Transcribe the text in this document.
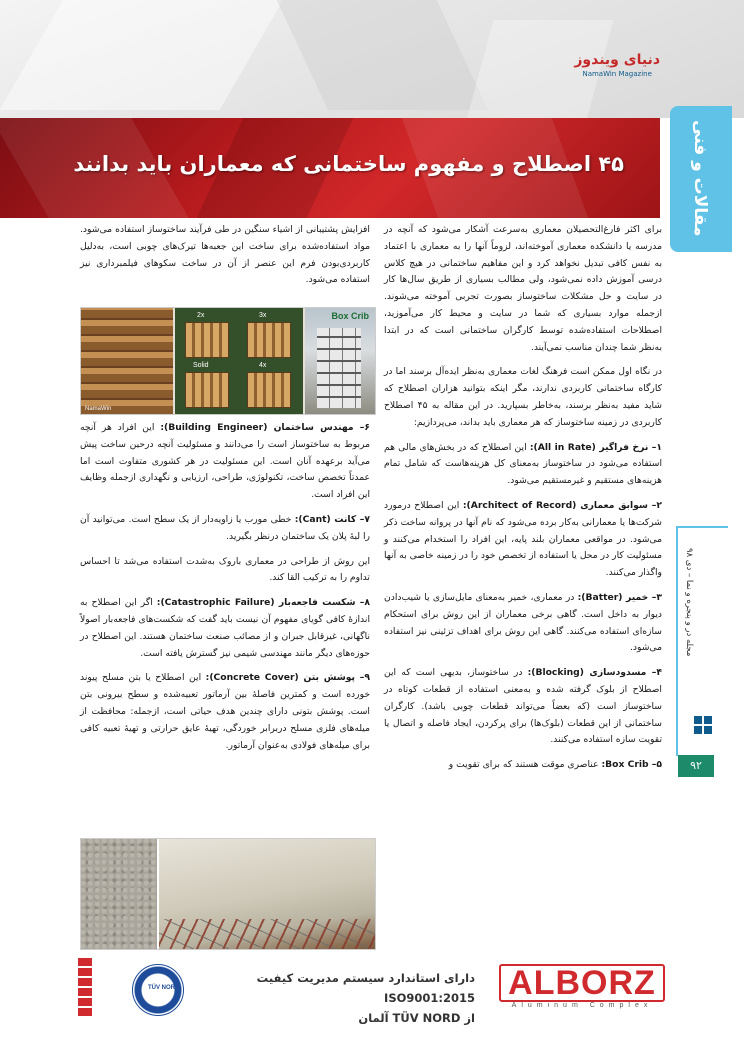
دنیای ویندوز
NamaWin Magazine
۴۵ اصطلاح و مفهوم ساختمانی که معماران باید بدانند	مقالات و فنی
مجله در و پنجره و نما – دی ۹۸
۹۲

برای اکثر فارغ‌التحصیلان معماری به‌سرعت آشکار می‌شود که آنچه در مدرسه یا دانشکده معماری آموخته‌اند، لزوماً آنها را به معماری با اعتماد به نفس کافی تبدیل نخواهد کرد و این مفاهیم ساختمانی در هیچ کلاس درسی آموزش داده نمی‌شود، ولی مطالب بسیاری از طریق سال‌ها کار در سایت و حل مشکلات ساختوساز بصورت تجربی آموخته می‌شوند. ازجمله موارد بسیاری که شما در سایت و محیط کار می‌آموزید، اصطلاحات استفاده‌شده توسط کارگران ساختمانی است که در ابتدا به‌نظر شما چندان مناسب نمی‌آیند.

در نگاه اول ممکن است فرهنگ لغات معماری به‌نظر ایده‌آل برسند اما در کارگاه ساختمانی کاربردی ندارند، مگر اینکه بتوانید هزاران اصطلاح که شاید مفید به‌نظر برسند، به‌خاطر بسپارید. در این مقاله به ۴۵ اصطلاح کاربردی در زمینه ساختوساز که هر معماری باید بداند، می‌پردازیم:

۱– نرخ فراگیر (All in Rate): این اصطلاح که در بخش‌های مالی هم استفاده می‌شود در ساختوساز به‌معنای کل هزینه‌هاست که شامل تمام هزینه‌های مستقیم و غیرمستقیم می‌شود.

۲– سوابق معماری (Architect of Record): این اصطلاح درمورد شرکت‌ها یا معمارانی به‌کار برده می‌شود که نام آنها در پروانه ساخت ذکر می‌شود. در مواقعی معماران بلند پایه، این افراد را استخدام می‌کنند و مسئولیت کار در محل یا استفاده از تخصص خود را در زمینه خاصی به آنها واگذار می‌کنند.

۳– خمیر (Batter): در معماری، خمیر به‌معنای مایل‌سازی یا شیب‌دادن دیوار به داخل است. گاهی برخی معماران از این روش برای استحکام سازه‌ای استفاده می‌کنند. گاهی این روش برای اهداف تزئینی نیز استفاده می‌شود.

۴– مسدودسازی (Blocking): در ساختوساز، بدیهی است که این اصطلاح از بلوک گرفته شده و به‌معنی استفاده از قطعات کوتاه در ساختوساز است (که بعضاً می‌تواند قطعات چوبی باشد). کارگران ساختمانی از این قطعات (بلوک‌ها) برای پرکردن، ایجاد فاصله و اتصال یا تقویت سازه استفاده می‌کنند.

۵– Box Crib: عناصری موقت هستند که برای تقویت و

افزایش پشتیبانی از اشیاء سنگین در طی فرآیند ساختوساز استفاده می‌شود. مواد استفاده‌شده برای ساخت این جعبه‌ها تیرک‌های چوبی است، به‌دلیل کاربردی‌بودن فرم این عنصر از آن در ساخت سکوهای فیلمبرداری نیز استفاده می‌شود.

2x	3x
Solid	4x
Box Crib
NamaWin

۶– مهندس ساختمان (Building Engineer): این افراد هر آنچه مربوط به ساختوساز است را می‌دانند و مسئولیت آنچه درحین ساخت پیش می‌آید برعهده آنان است. این مسئولیت در هر کشوری متفاوت است اما عمدتاً تخصص ساخت، تکنولوژی، طراحی، ارزیابی و نگهداری ازجمله وظایف این افراد است.

۷– کانت (Cant): خطی مورب یا زاویه‌دار از یک سطح است. می‌توانید آن را لبهٔ پلان یک ساختمان درنظر بگیرید.

این روش از طراحی در معماری باروک به‌شدت استفاده می‌شد تا احساس تداوم را به ترکیب القا کند.

۸– شکست فاجعه‌بار (Catastrophic Failure): اگر این اصطلاح به اندازهٔ کافی گویای مفهوم آن نیست باید گفت که شکست‌های فاجعه‌بار اصولاً ناگهانی، غیرقابل جبران و از مصائب صنعت ساختمان هستند. این اصطلاح در حوزه‌های دیگر مانند مهندسی شیمی نیز گسترش یافته است.

۹– پوشش بتن (Concrete Cover): این اصطلاح یا بتن مسلح پیوند خورده است و کمترین فاصلهٔ بین آرماتور تعبیه‌شده و سطح بیرونی بتن است. پوشش بتونی دارای چندین هدف حیاتی است، ازجمله: محافظت از میله‌های فلزی مسلح دربرابر خوردگی، تهیهٔ عایق حرارتی و تهیهٔ تعبیه کافی برای میله‌های فولادی به‌عنوان آرماتور.

TÜV NORD
دارای استاندارد سیستم مدیریت کیفیت ISO9001:2015
از TÜV NORD آلمان
ALBORZ
Aluminum Complex
